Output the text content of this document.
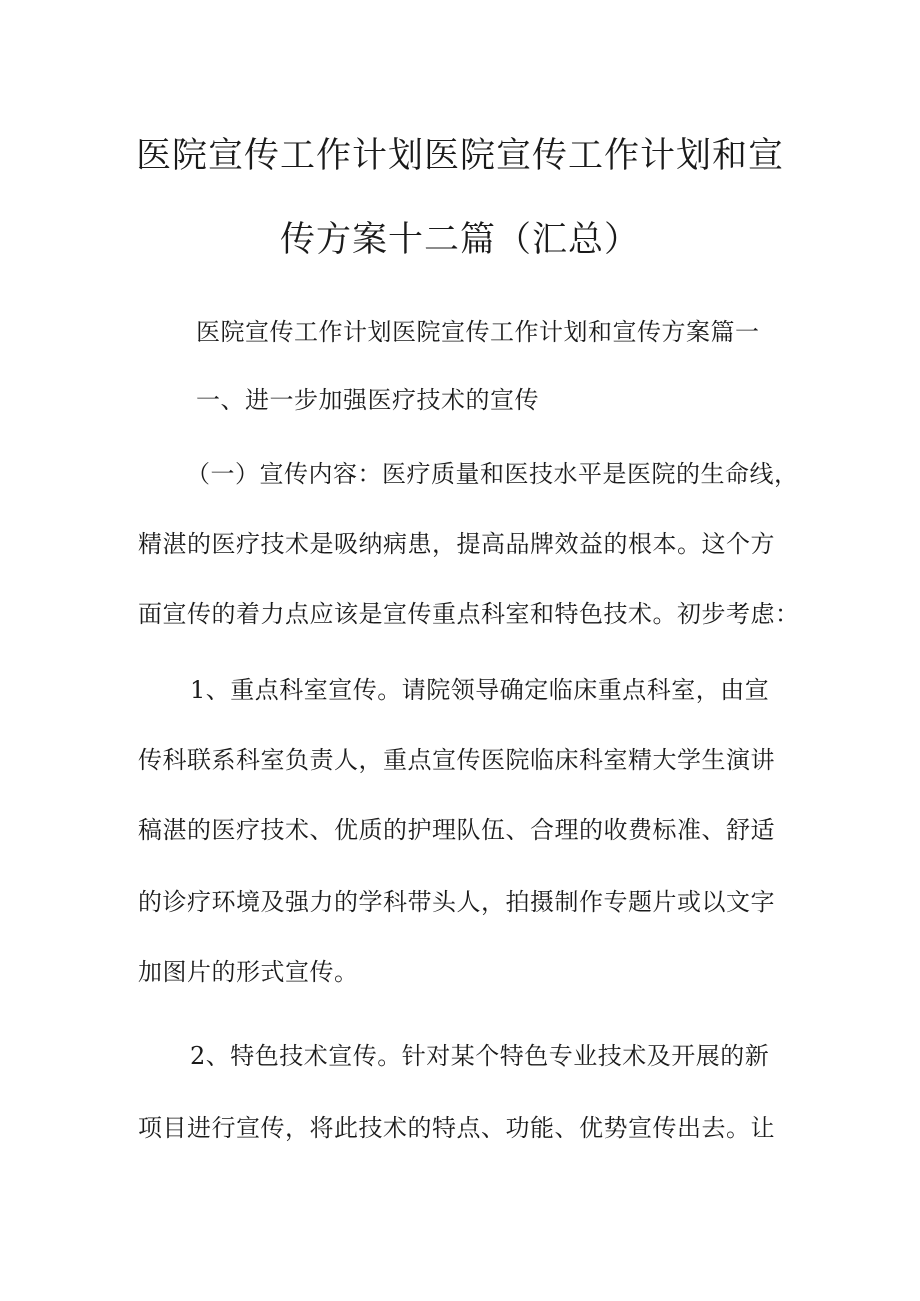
医院宣传工作计划医院宣传工作计划和宣
传方案十二篇（汇总）
医院宣传工作计划医院宣传工作计划和宣传方案篇一
一、进一步加强医疗技术的宣传
（一）宣传内容：医疗质量和医技水平是医院的生命线，
精湛的医疗技术是吸纳病患，提高品牌效益的根本。这个方
面宣传的着力点应该是宣传重点科室和特色技术。初步考虑：
1、重点科室宣传。请院领导确定临床重点科室，由宣
传科联系科室负责人，重点宣传医院临床科室精大学生演讲
稿湛的医疗技术、优质的护理队伍、合理的收费标准、舒适
的诊疗环境及强力的学科带头人，拍摄制作专题片或以文字
加图片的形式宣传。
2、特色技术宣传。针对某个特色专业技术及开展的新
项目进行宣传，将此技术的特点、功能、优势宣传出去。让
